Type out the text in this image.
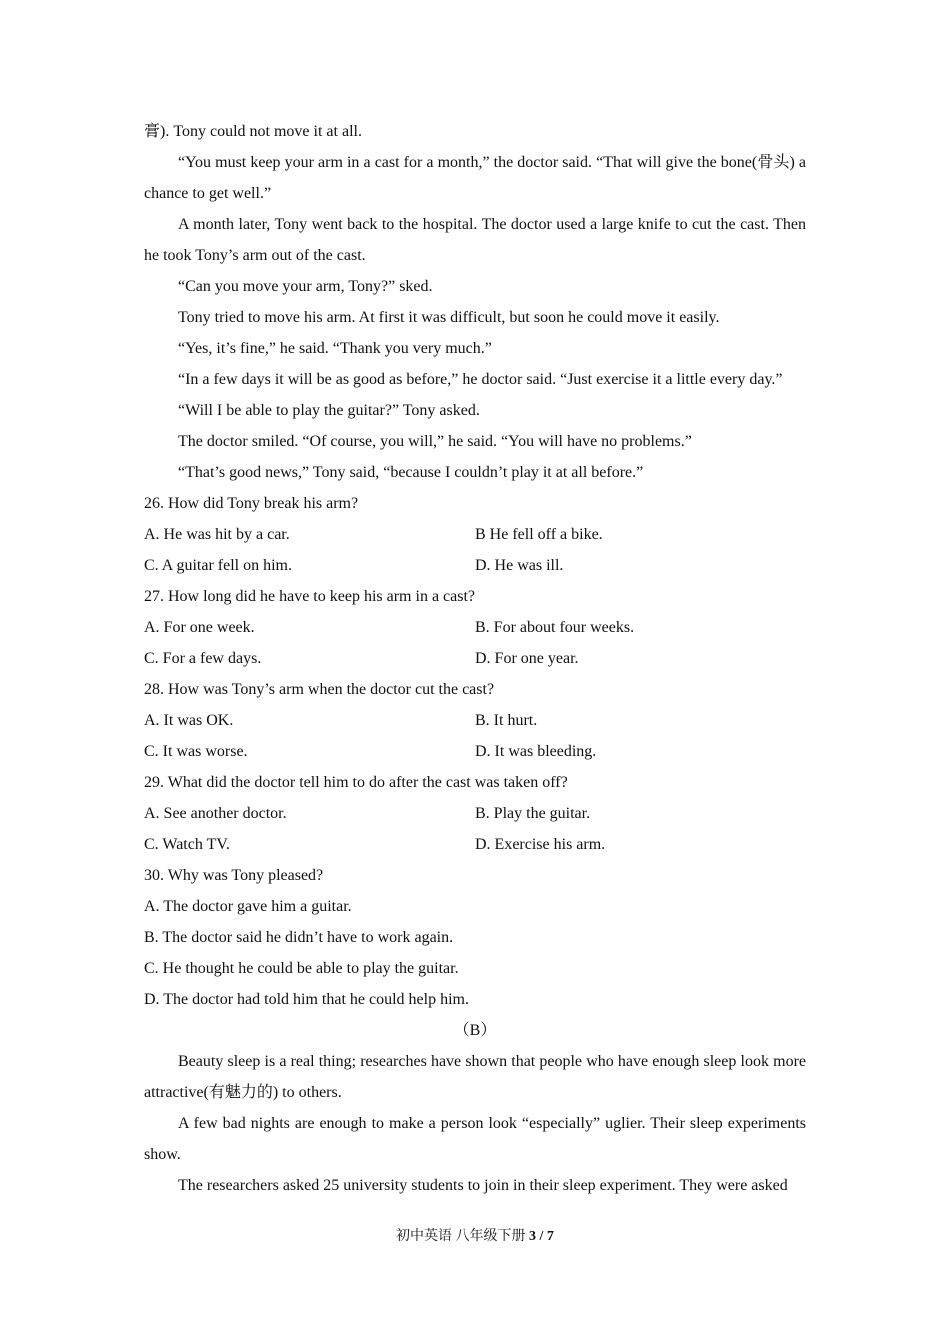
膏). Tony could not move it at all.

“You must keep your arm in a cast for a month,” the doctor said. “That will give the bone(骨头) a chance to get well.”

A month later, Tony went back to the hospital. The doctor used a large knife to cut the cast. Then he took Tony’s arm out of the cast.

“Can you move your arm, Tony?” sked.

Tony tried to move his arm. At first it was difficult, but soon he could move it easily.

“Yes, it’s fine,” he said. “Thank you very much.”

“In a few days it will be as good as before,” he doctor said. “Just exercise it a little every day.”

“Will I be able to play the guitar?” Tony asked.

The doctor smiled. “Of course, you will,” he said. “You will have no problems.”

“That’s good news,” Tony said, “because I couldn’t play it at all before.”

26. How did Tony break his arm?

A. He was hit by a car.	B He fell off a bike.
C. A guitar fell on him.	D. He was ill.

27. How long did he have to keep his arm in a cast?

A. For one week.	B. For about four weeks.
C. For a few days.	D. For one year.

28. How was Tony’s arm when the doctor cut the cast?

A. It was OK.	B. It hurt.
C. It was worse.	D. It was bleeding.

29. What did the doctor tell him to do after the cast was taken off?

A. See another doctor.	B. Play the guitar.
C. Watch TV.	D. Exercise his arm.

30. Why was Tony pleased?

A. The doctor gave him a guitar.

B. The doctor said he didn’t have to work again.

C. He thought he could be able to play the guitar.

D. The doctor had told him that he could help him.

（B）

Beauty sleep is a real thing; researches have shown that people who have enough sleep look more attractive(有魅力的) to others.

A few bad nights are enough to make a person look “especially” uglier. Their sleep experiments show.

The researchers asked 25 university students to join in their sleep experiment. They were asked

初中英语 八年级下册 3 / 7
